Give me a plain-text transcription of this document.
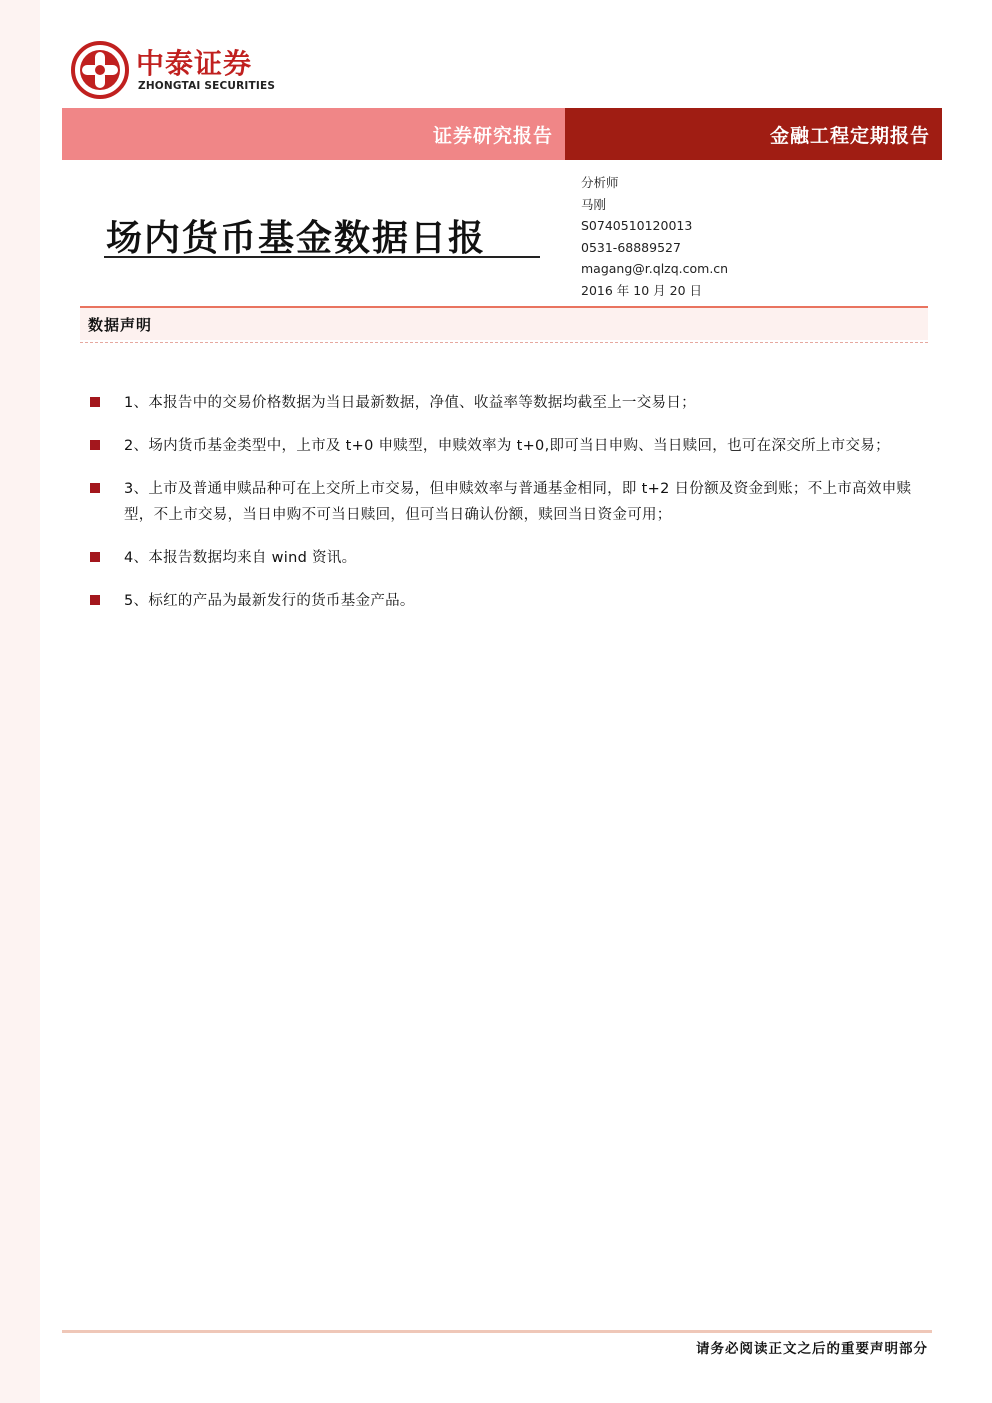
中泰证券
ZHONGTAI SECURITIES
证券研究报告	金融工程定期报告
场内货币基金数据日报
分析师
马刚
S0740510120013
0531-68889527
magang@r.qlzq.com.cn
2016 年 10 月 20 日
数据声明
1、本报告中的交易价格数据为当日最新数据，净值、收益率等数据均截至上一交易日；
2、场内货币基金类型中，上市及 t+0 申赎型，申赎效率为 t+0,即可当日申购、当日赎回，也可在深交所上市交易；
3、上市及普通申赎品种可在上交所上市交易，但申赎效率与普通基金相同，即 t+2 日份额及资金到账；不上市高效申赎型，不上市交易，当日申购不可当日赎回，但可当日确认份额，赎回当日资金可用；
4、本报告数据均来自 wind 资讯。
5、标红的产品为最新发行的货币基金产品。
请务必阅读正文之后的重要声明部分
